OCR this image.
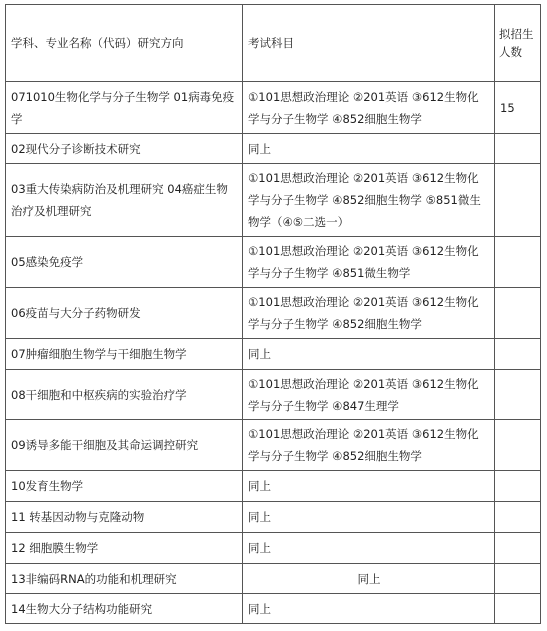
学科、专业名称（代码）研究方向	考试科目	拟招生人数
071010生物化学与分子生物学 01病毒免疫学	①101思想政治理论 ②201英语 ③612生物化学与分子生物学 ④852细胞生物学	15
02现代分子诊断技术研究	同上	
03重大传染病防治及机理研究 04癌症生物治疗及机理研究	①101思想政治理论 ②201英语 ③612生物化学与分子生物学 ④852细胞生物学 ⑤851微生物学（④⑤二选一）	
05感染免疫学	①101思想政治理论 ②201英语 ③612生物化学与分子生物学 ④851微生物学	
06疫苗与大分子药物研发	①101思想政治理论 ②201英语 ③612生物化学与分子生物学 ④852细胞生物学	
07肿瘤细胞生物学与干细胞生物学	同上	
08干细胞和中枢疾病的实验治疗学	①101思想政治理论 ②201英语 ③612生物化学与分子生物学 ④847生理学	
09诱导多能干细胞及其命运调控研究	①101思想政治理论 ②201英语 ③612生物化学与分子生物学 ④852细胞生物学	
10发育生物学	同上	
11 转基因动物与克隆动物	同上	
12 细胞膜生物学	同上	
13非编码RNA的功能和机理研究	同上	
14生物大分子结构功能研究	同上	
